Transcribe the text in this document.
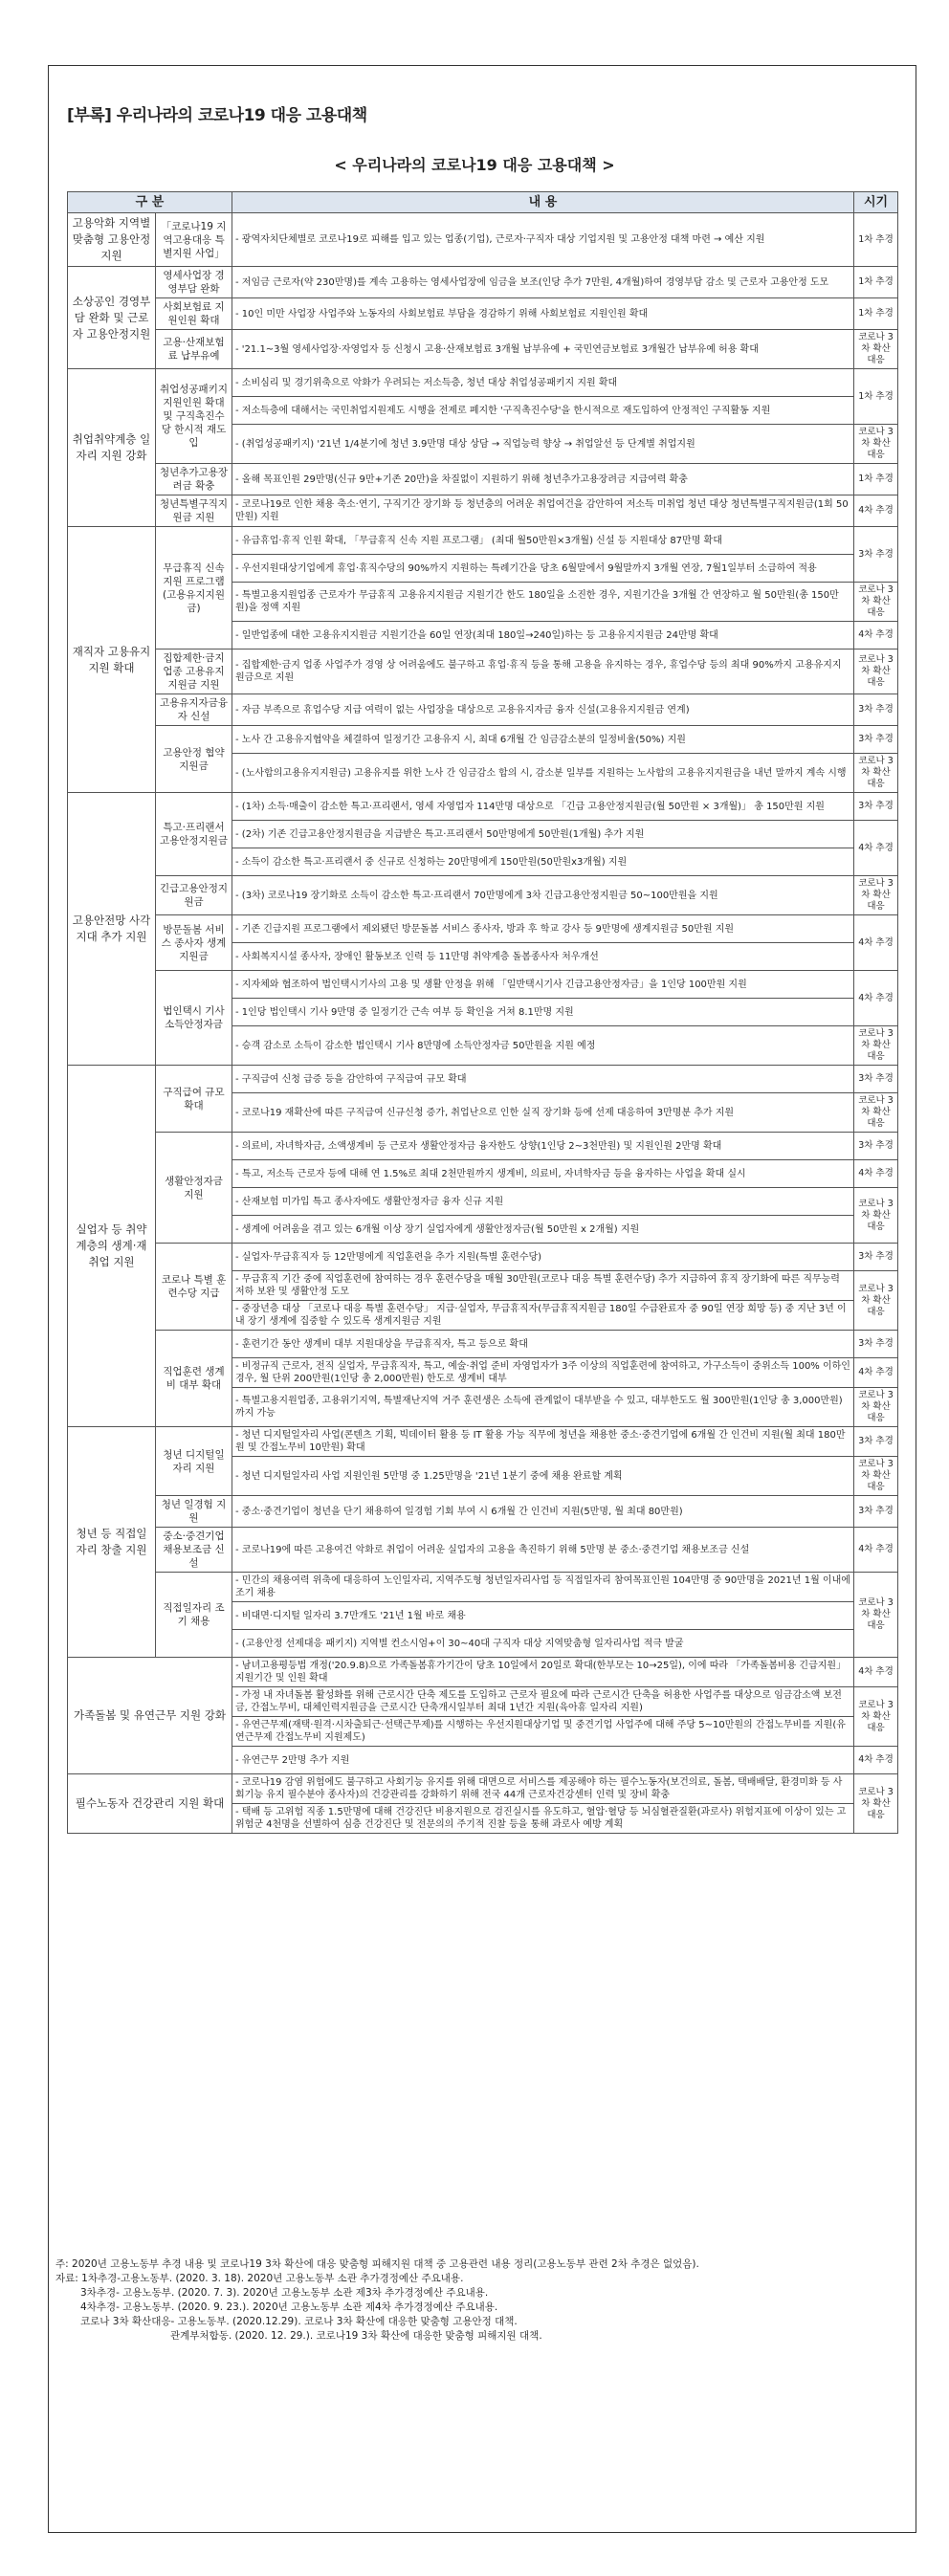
[부록] 우리나라의 코로나19 대응 고용대책
< 우리나라의 코로나19 대응 고용대책 >
구 분		내 용	시기
고용악화 지역별맞춤형 고용안정지원	「코로나19 지역고용대응 특별지원 사업」	- 광역자치단체별로 코로나19로 피해를 입고 있는 업종(기업), 근로자·구직자 대상 기업지원 및 고용안정 대책 마련 → 예산 지원	1차 추경
소상공인 경영부담 완화 및 근로자 고용안정지원	영세사업장 경영부담 완화	- 저임금 근로자(약 230만명)를 계속 고용하는 영세사업장에 임금을 보조(인당 추가 7만원, 4개월)하여 경영부담 감소 및 근로자 고용안정 도모	1차 추경
	사회보험료 지원인원 확대	- 10인 미만 사업장 사업주와 노동자의 사회보험료 부담을 경감하기 위해 사회보험료 지원인원 확대	1차 추경
	고용·산재보험료 납부유예	- '21.1~3월 영세사업장·자영업자 등 신청시 고용·산재보험료 3개월 납부유예 + 국민연금보험료 3개월간 납부유예 허용 확대	코로나 3차 확산대응
취업취약계층 일자리 지원 강화	취업성공패키지 지원인원 확대 및 구직촉진수당 한시적 재도입	- 소비심리 및 경기위축으로 악화가 우려되는 저소득층, 청년 대상 취업성공패키지 지원 확대	1차 추경
		- 저소득층에 대해서는 국민취업지원제도 시행을 전제로 폐지한 '구직촉진수당'을 한시적으로 재도입하여 안정적인 구직활동 지원	
		- (취업성공패키지) '21년 1/4분기에 청년 3.9만명 대상 상담 → 직업능력 향상 → 취업알선 등 단계별 취업지원	코로나 3차 확산대응
	청년추가고용장려금 확충	- 올해 목표인원 29만명(신규 9만+기존 20만)을 차질없이 지원하기 위해 청년추가고용장려금 지급여력 확충	1차 추경
	청년특별구직지원금 지원	- 코로나19로 인한 채용 축소·연기, 구직기간 장기화 등 청년층의 어려운 취업여건을 감안하여 저소득 미취업 청년 대상 청년특별구직지원금(1회 50만원) 지원	4차 추경
재직자 고용유지 지원 확대	무급휴직 신속 지원 프로그램 (고용유지지원금)	- 유급휴업·휴직 인원 확대, 「무급휴직 신속 지원 프로그램」 (최대 월50만원×3개월) 신설 등 지원대상 87만명 확대	3차 추경
		- 우선지원대상기업에게 휴업·휴직수당의 90%까지 지원하는 특례기간을 당초 6월말에서 9월말까지 3개월 연장, 7월1일부터 소급하여 적용	
		- 특별고용지원업종 근로자가 무급휴직 고용유지지원금 지원기간 한도 180일을 소진한 경우, 지원기간을 3개월 간 연장하고 월 50만원(총 150만원)을 정액 지원	코로나 3차 확산대응
		- 일반업종에 대한 고용유지지원금 지원기간을 60일 연장(최대 180일→240일)하는 등 고용유지지원금 24만명 확대	4차 추경
	집합제한·금지 업종 고용유지지원금 지원	- 집합제한·금지 업종 사업주가 경영 상 어려움에도 불구하고 휴업·휴직 등을 통해 고용을 유지하는 경우, 휴업수당 등의 최대 90%까지 고용유지지원금으로 지원	코로나 3차 확산대응
	고용유지자금융자 신설	- 자금 부족으로 휴업수당 지급 여력이 없는 사업장을 대상으로 고용유지자금 융자 신설(고용유지지원금 연계)	3차 추경
	고용안정 협약 지원금	- 노사 간 고용유지협약을 체결하여 일정기간 고용유지 시, 최대 6개월 간 임금감소분의 일정비율(50%) 지원	3차 추경
		- (노사합의고용유지지원금) 고용유지를 위한 노사 간 임금감소 합의 시, 감소분 일부를 지원하는 노사합의 고용유지지원금을 내년 말까지 계속 시행	코로나 3차 확산대응
고용안전망 사각지대 추가 지원	특고·프리랜서 고용안정지원금	- (1차) 소득·매출이 감소한 특고·프리랜서, 영세 자영업자 114만명 대상으로 「긴급 고용안정지원금(월 50만원 × 3개월)」 총 150만원 지원	3차 추경
		- (2차) 기존 긴급고용안정지원금을 지급받은 특고·프리랜서 50만명에게 50만원(1개월) 추가 지원	4차 추경
		- 소득이 감소한 특고·프리랜서 중 신규로 신청하는 20만명에게 150만원(50만원x3개월) 지원	
	긴급고용안정지원금	- (3차) 코로나19 장기화로 소득이 감소한 특고·프리랜서 70만명에게 3차 긴급고용안정지원금 50~100만원을 지원	코로나 3차 확산대응
	방문돌봄 서비스 종사자 생계지원금	- 기존 긴급지원 프로그램에서 제외됐던 방문돌봄 서비스 종사자, 방과 후 학교 강사 등 9만명에 생계지원금 50만원 지원	4차 추경
		- 사회복지시설 종사자, 장애인 활동보조 인력 등 11만명 취약계층 돌봄종사자 처우개선	
	법인택시 기사 소득안정자금	- 지자체와 협조하여 법인택시기사의 고용 및 생활 안정을 위해 「일반택시기사 긴급고용안정자금」을 1인당 100만원 지원	4차 추경
		- 1인당 법인택시 기사 9만명 중 일정기간 근속 여부 등 확인을 거쳐 8.1만명 지원	
		- 승객 감소로 소득이 감소한 법인택시 기사 8만명에 소득안정자금 50만원을 지원 예정	코로나 3차 확산대응
실업자 등 취약계층의 생계·재취업 지원	구직급여 규모 확대	- 구직급여 신청 급증 등을 감안하여 구직급여 규모 확대	3차 추경
		- 코로나19 재확산에 따른 구직급여 신규신청 증가, 취업난으로 인한 실직 장기화 등에 선제 대응하여 3만명분 추가 지원	코로나 3차 확산대응
	생활안정자금 지원	- 의료비, 자녀학자금, 소액생계비 등 근로자 생활안정자금 융자한도 상향(1인당 2~3천만원) 및 지원인원 2만명 확대	3차 추경
		- 특고, 저소득 근로자 등에 대해 연 1.5%로 최대 2천만원까지 생계비, 의료비, 자녀학자금 등을 융자하는 사업을 확대 실시	4차 추경
		- 산재보험 미가입 특고 종사자에도 생활안정자금 융자 신규 지원	코로나 3차 확산대응
		- 생계에 어려움을 겪고 있는 6개월 이상 장기 실업자에게 생활안정자금(월 50만원 x 2개월) 지원	
	코로나 특별 훈련수당 지급	- 실업자·무급휴직자 등 12만명에게 직업훈련을 추가 지원(특별 훈련수당)	3차 추경
		- 무급휴직 기간 중에 직업훈련에 참여하는 경우 훈련수당을 매월 30만원(코로나 대응 특별 훈련수당) 추가 지급하여 휴직 장기화에 따른 직무능력 저하 보완 및 생활안정 도모	코로나 3차 확산대응
		- 중장년층 대상 「코로나 대응 특별 훈련수당」 지급·실업자, 무급휴직자(무급휴직지원금 180일 수급완료자 중 90일 연장 희망 등) 중 지난 3년 이내 장기 생계에 집중할 수 있도록 생계지원금 지원	
	직업훈련 생계비 대부 확대	- 훈련기간 동안 생계비 대부 지원대상을 무급휴직자, 특고 등으로 확대	3차 추경
		- 비정규직 근로자, 전직 실업자, 무급휴직자, 특고, 예술·취업 준비 자영업자가 3주 이상의 직업훈련에 참여하고, 가구소득이 중위소득 100% 이하인 경우, 월 단위 200만원(1인당 총 2,000만원) 한도로 생계비 대부	4차 추경
		- 특별고용지원업종, 고용위기지역, 특별재난지역 거주 훈련생은 소득에 관계없이 대부받을 수 있고, 대부한도도 월 300만원(1인당 총 3,000만원)까지 가능	코로나 3차 확산대응
청년 등 직접일자리 창출 지원	청년 디지털일자리 지원	- 청년 디지털일자리 사업(콘텐츠 기획, 빅데이터 활용 등 IT 활용 가능 직무에 청년을 채용한 중소·중견기업에 6개월 간 인건비 지원(월 최대 180만원 및 간접노무비 10만원) 확대	3차 추경
		- 청년 디지털일자리 사업 지원인원 5만명 중 1.25만명을 '21년 1분기 중에 채용 완료할 계획	코로나 3차 확산대응
	청년 일경험 지원	- 중소·중견기업이 청년을 단기 채용하여 일경험 기회 부여 시 6개월 간 인건비 지원(5만명, 월 최대 80만원)	3차 추경
	중소·중견기업 채용보조금 신설	- 코로나19에 따른 고용여건 악화로 취업이 어려운 실업자의 고용을 촉진하기 위해 5만명 분 중소·중견기업 채용보조금 신설	4차 추경
	직접일자리 조기 채용	- 민간의 채용여력 위축에 대응하여 노인일자리, 지역주도형 청년일자리사업 등 직접일자리 참여목표인원 104만명 중 90만명을 2021년 1월 이내에 조기 채용	코로나 3차 확산대응
		- 비대면·디지털 일자리 3.7만개도 '21년 1월 바로 채용	
		- (고용안정 선제대응 패키지) 지역별 컨소시엄+이 30~40대 구직자 대상 지역맞춤형 일자리사업 적극 발굴	
가족돌봄 및 유연근무 지원 강화		- 남녀고용평등법 개정('20.9.8)으로 가족돌봄휴가기간이 당초 10일에서 20일로 확대(한부모는 10→25일), 이에 따라 「가족돌봄비용 긴급지원」 지원기간 및 인원 확대	4차 추경
		- 가정 내 자녀돌봄 활성화를 위해 근로시간 단축 제도를 도입하고 근로자 필요에 따라 근로시간 단축을 허용한 사업주를 대상으로 임금감소액 보전금, 간접노무비, 대체인력지원금을 근로시간 단축개시일부터 최대 1년간 지원(육아휴 일자리 지원)	코로나 3차 확산대응
		- 유연근무제(재택·원격·시차출퇴근·선택근무제)를 시행하는 우선지원대상기업 및 중견기업 사업주에 대해 주당 5~10만원의 간접노무비를 지원(유연근무제 간접노무비 지원제도)	
		- 유연근무 2만명 추가 지원	4차 추경
필수노동자 건강관리 지원 확대		- 코로나19 감염 위험에도 불구하고 사회기능 유지를 위해 대면으로 서비스를 제공해야 하는 필수노동자(보건의료, 돌봄, 택배배달, 환경미화 등 사회기능 유지 필수분야 종사자)의 건강관리를 강화하기 위해 전국 44개 근로자건강센터 인력 및 장비 확충	코로나 3차 확산대응
		- 택배 등 고위험 직종 1.5만명에 대해 건강진단 비용지원으로 검진실시를 유도하고, 혈압·혈당 등 뇌심혈관질환(과로사) 위험지표에 이상이 있는 고위험군 4천명을 선별하여 심층 건강진단 및 전문의의 주기적 진찰 등을 통해 과로사 예방 계획	
주: 2020년 고용노동부 추경 내용 및 코로나19 3차 확산에 대응 맞춤형 피해지원 대책 중 고용관련 내용 정리(고용노동부 관련 2차 추경은 없었음).
자료: 1차추경-고용노동부. (2020. 3. 18). 2020년 고용노동부 소관 추가경정예산 주요내용.
3차추경- 고용노동부. (2020. 7. 3). 2020년 고용노동부 소관 제3차 추가경정예산 주요내용.
4차추경- 고용노동부. (2020. 9. 23.). 2020년 고용노동부 소관 제4차 추가경정예산 주요내용.
코로나 3차 확산대응- 고용노동부. (2020.12.29). 코로나 3차 확산에 대응한 맞춤형 고용안정 대책.
관계부처합동. (2020. 12. 29.). 코로나19 3차 확산에 대응한 맞춤형 피해지원 대책.
